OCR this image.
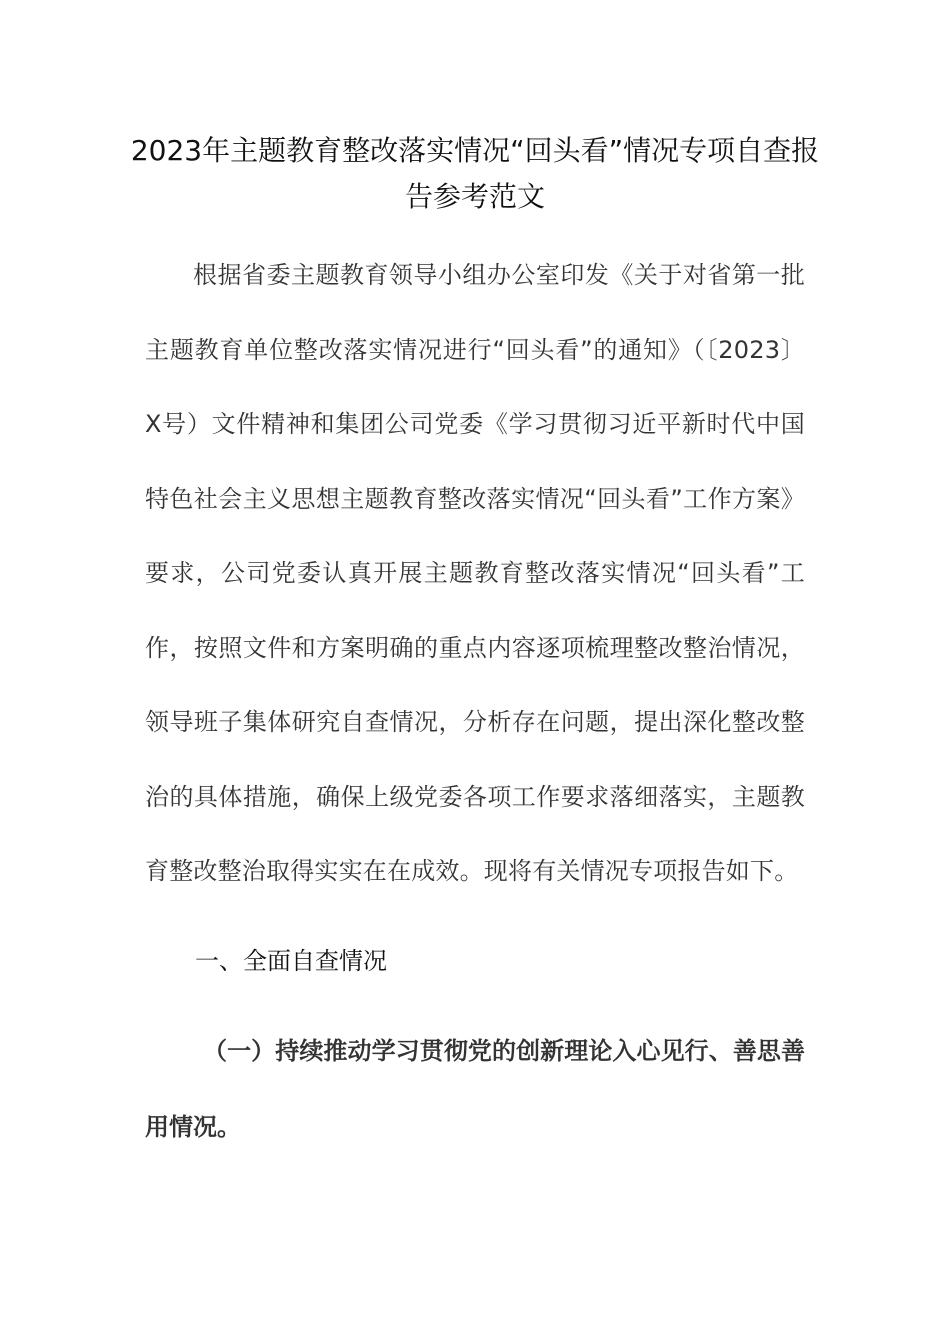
2023年主题教育整改落实情况“回头看”情况专项自查报告参考范文

根据省委主题教育领导小组办公室印发《关于对省第一批主题教育单位整改落实情况进行“回头看”的通知》（〔2023〕X号）文件精神和集团公司党委《学习贯彻习近平新时代中国特色社会主义思想主题教育整改落实情况“回头看”工作方案》要求，公司党委认真开展主题教育整改落实情况“回头看”工作，按照文件和方案明确的重点内容逐项梳理整改整治情况，领导班子集体研究自查情况，分析存在问题，提出深化整改整治的具体措施，确保上级党委各项工作要求落细落实，主题教育整改整治取得实实在在成效。现将有关情况专项报告如下。

一、全面自查情况

（一）持续推动学习贯彻党的创新理论入心见行、善思善用情况。
